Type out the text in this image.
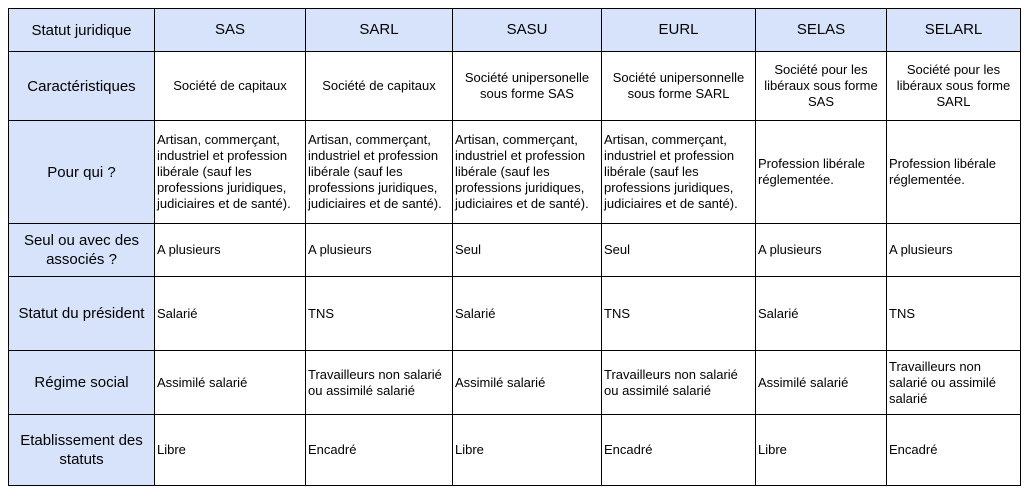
Statut juridique	SAS	SARL	SASU	EURL	SELAS	SELARL
Caractéristiques	Société de capitaux	Société de capitaux	Société unipersonelle sous forme SAS	Société unipersonnelle sous forme SARL	Société pour les libéraux sous forme SAS	Société pour les libéraux sous forme SARL
Pour qui ?	Artisan, commerçant, industriel et profession libérale (sauf les professions juridiques, judiciaires et de santé).	Artisan, commerçant, industriel et profession libérale (sauf les professions juridiques, judiciaires et de santé).	Artisan, commerçant, industriel et profession libérale (sauf les professions juridiques, judiciaires et de santé).	Artisan, commerçant, industriel et profession libérale (sauf les professions juridiques, judiciaires et de santé).	Profession libérale réglementée.	Profession libérale réglementée.
Seul ou avec des associés ?	A plusieurs	A plusieurs	Seul	Seul	A plusieurs	A plusieurs
Statut du président	Salarié	TNS	Salarié	TNS	Salarié	TNS
Régime social	Assimilé salarié	Travailleurs non salarié ou assimilé salarié	Assimilé salarié	Travailleurs non salarié ou assimilé salarié	Assimilé salarié	Travailleurs non salarié ou assimilé salarié
Etablissement des statuts	Libre	Encadré	Libre	Encadré	Libre	Encadré
